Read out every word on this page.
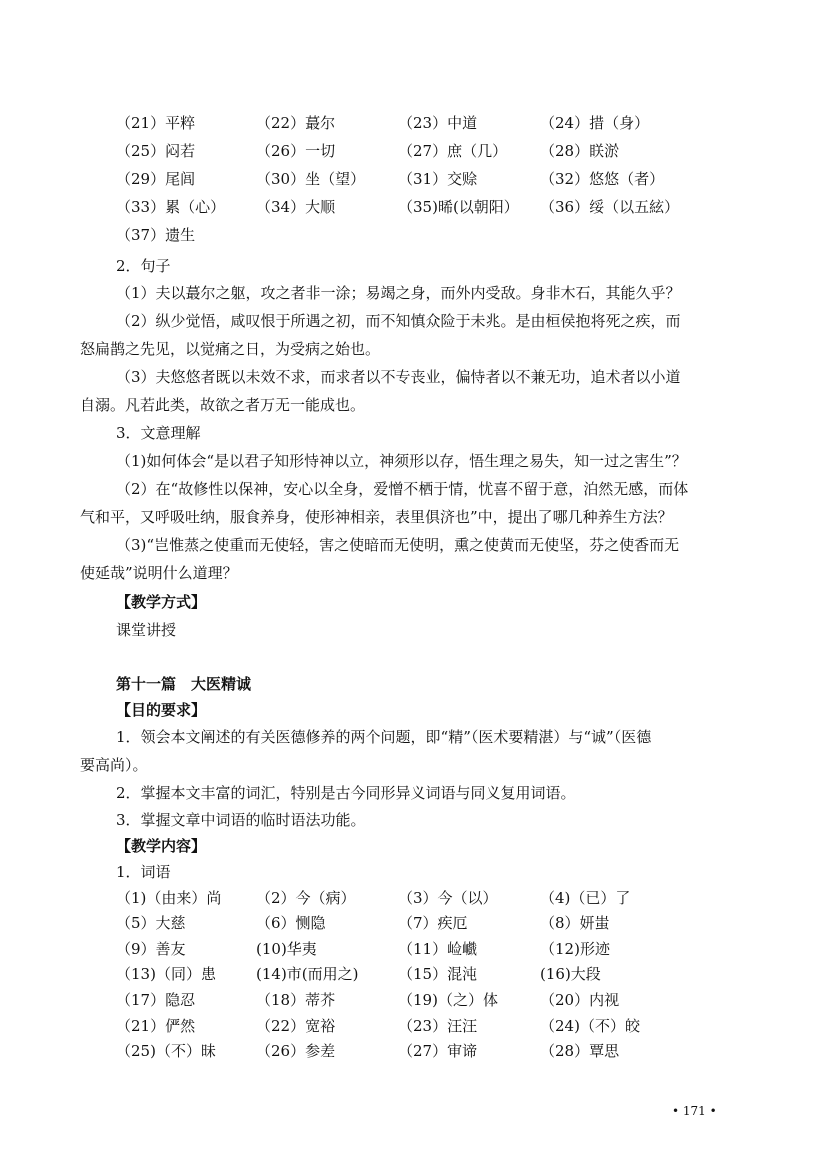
（21）平粹	（22）蕞尔	（23）中道	（24）措（身）
（25）闷若	（26）一切	（27）庶（几） （28）眹淤
（29）尾闾	（30）坐（望） （31）交赊	（32）悠悠（者）
（33）累（心） （34）大顺	（35)晞(以朝阳） （36）绥（以五絃）
（37）遗生
2．句子
（1）夫以蕞尔之躯，攻之者非一涂；易竭之身，而外内受敌。身非木石，其能久乎？
（2）纵少觉悟，咸叹恨于所遇之初，而不知慎众险于未兆。是由桓侯抱将死之疾，而
怒扁鹊之先见，以觉痛之日，为受病之始也。
（3）夫悠悠者既以未效不求，而求者以不专丧业，偏恃者以不兼无功，追术者以小道
自溺。凡若此类，故欲之者万无一能成也。
3．文意理解
（1)如何体会“是以君子知形恃神以立，神须形以存，悟生理之易失，知一过之害生”？
（2）在“故修性以保神，安心以全身，爱憎不栖于情，忧喜不留于意，泊然无感，而体
气和平，又呼吸吐纳，服食养身，使形神相亲，表里俱济也”中，提出了哪几种养生方法？
（3)“岂惟蒸之使重而无使轻，害之使暗而无使明，熏之使黄而无使坚，芬之使香而无
使延哉”说明什么道理？
【教学方式】
课堂讲授
第十一篇　大医精诚
【目的要求】
1．领会本文阐述的有关医德修养的两个问题，即“精”（医术要精湛）与“诚”（医德
要高尚）。
2．掌握本文丰富的词汇，特别是古今同形异义词语与同义复用词语。
3．掌握文章中词语的临时语法功能。
【教学内容】
1．词语
（1)（由来）尚 （2）今（病）	（3）今（以）	（4)（已）了
（5）大慈	（6）恻隐	（7）疾厄	（8）妍蚩
（9）善友	(10)华夷	（11）崄巇	（12)形迹
（13)（同）患	(14)市(而用之)	（15）混沌	(16)大段
（17）隐忍	（18）蒂芥	（19)（之）体	（20）内视
（21）俨然	（22）宽裕	（23）汪汪	（24)（不）皎
（25)（不）昧	（26）参差	（27）审谛	（28）覃思
• 171 •
